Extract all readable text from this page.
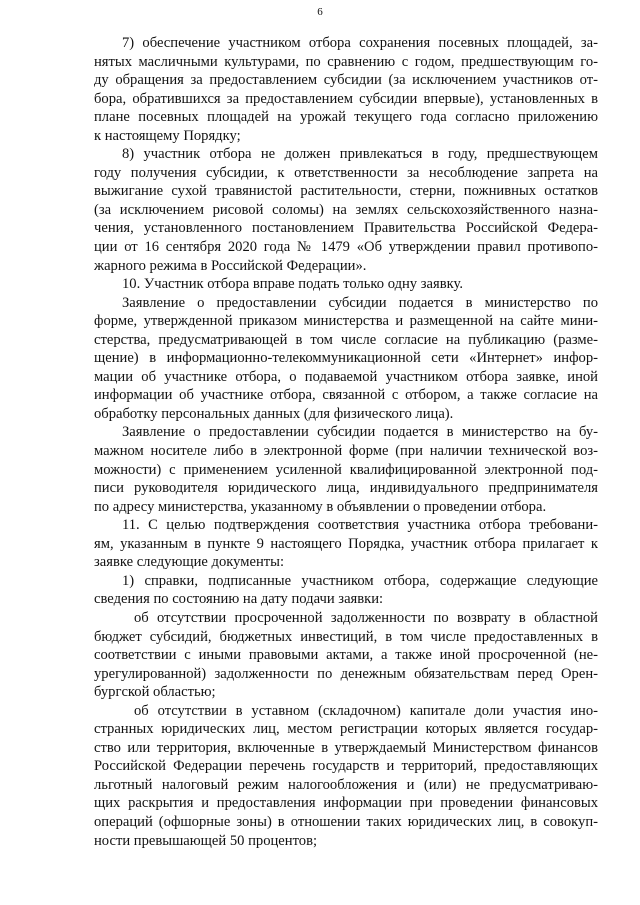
6
7) обеспечение участником отбора сохранения посевных площадей, за-
нятых масличными культурами, по сравнению с годом, предшествующим го-
ду обращения за предоставлением субсидии (за исключением участников от-
бора, обратившихся за предоставлением субсидии впервые), установленных в
плане посевных площадей на урожай текущего года согласно приложению
к настоящему Порядку;
8) участник отбора не должен привлекаться в году, предшествующем
году получения субсидии, к ответственности за несоблюдение запрета на
выжигание сухой травянистой растительности, стерни, пожнивных остатков
(за исключением рисовой соломы) на землях сельскохозяйственного назна-
чения, установленного постановлением Правительства Российской Федера-
ции от 16 сентября 2020 года № 1479 «Об утверждении правил противопо-
жарного режима в Российской Федерации».
10. Участник отбора вправе подать только одну заявку.
Заявление о предоставлении субсидии подается в министерство по
форме, утвержденной приказом министерства и размещенной на сайте мини-
стерства, предусматривающей в том числе согласие на публикацию (разме-
щение) в информационно-телекоммуникационной сети «Интернет» инфор-
мации об участнике отбора, о подаваемой участником отбора заявке, иной
информации об участнике отбора, связанной с отбором, а также согласие на
обработку персональных данных (для физического лица).
Заявление о предоставлении субсидии подается в министерство на бу-
мажном носителе либо в электронной форме (при наличии технической воз-
можности) с применением усиленной квалифицированной электронной под-
писи руководителя юридического лица, индивидуального предпринимателя
по адресу министерства, указанному в объявлении о проведении отбора.
11. С целью подтверждения соответствия участника отбора требовани-
ям, указанным в пункте 9 настоящего Порядка, участник отбора прилагает к
заявке следующие документы:
1) справки, подписанные участником отбора, содержащие следующие
сведения по состоянию на дату подачи заявки:
об отсутствии просроченной задолженности по возврату в областной
бюджет субсидий, бюджетных инвестиций, в том числе предоставленных в
соответствии с иными правовыми актами, а также иной просроченной (не-
урегулированной) задолженности по денежным обязательствам перед Орен-
бургской областью;
об отсутствии в уставном (складочном) капитале доли участия ино-
странных юридических лиц, местом регистрации которых является государ-
ство или территория, включенные в утверждаемый Министерством финансов
Российской Федерации перечень государств и территорий, предоставляющих
льготный налоговый режим налогообложения и (или) не предусматриваю-
щих раскрытия и предоставления информации при проведении финансовых
операций (офшорные зоны) в отношении таких юридических лиц, в совокуп-
ности превышающей 50 процентов;
